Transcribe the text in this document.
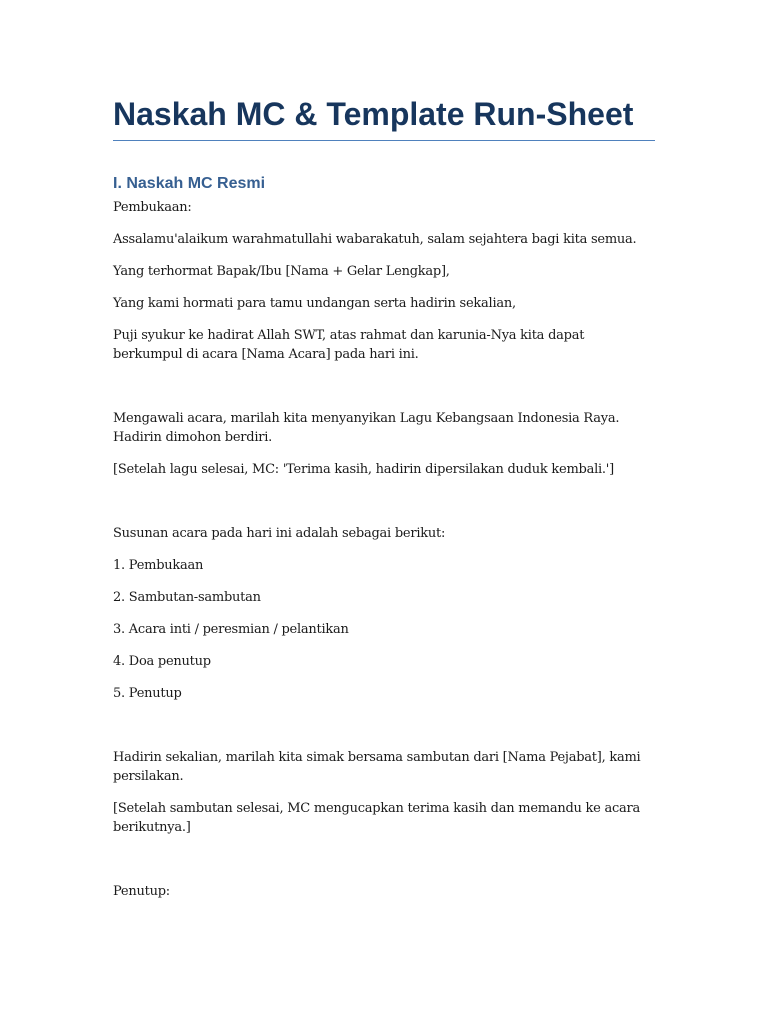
Naskah MC & Template Run-Sheet
I. Naskah MC Resmi

Pembukaan:

Assalamu'alaikum warahmatullahi wabarakatuh, salam sejahtera bagi kita semua.

Yang terhormat Bapak/Ibu [Nama + Gelar Lengkap],

Yang kami hormati para tamu undangan serta hadirin sekalian,

Puji syukur ke hadirat Allah SWT, atas rahmat dan karunia-Nya kita dapat berkumpul di acara [Nama Acara] pada hari ini.

Mengawali acara, marilah kita menyanyikan Lagu Kebangsaan Indonesia Raya. Hadirin dimohon berdiri.

[Setelah lagu selesai, MC: 'Terima kasih, hadirin dipersilakan duduk kembali.']

Susunan acara pada hari ini adalah sebagai berikut:

1. Pembukaan

2. Sambutan-sambutan

3. Acara inti / peresmian / pelantikan

4. Doa penutup

5. Penutup

Hadirin sekalian, marilah kita simak bersama sambutan dari [Nama Pejabat], kami persilakan.

[Setelah sambutan selesai, MC mengucapkan terima kasih dan memandu ke acara berikutnya.]

Penutup:
